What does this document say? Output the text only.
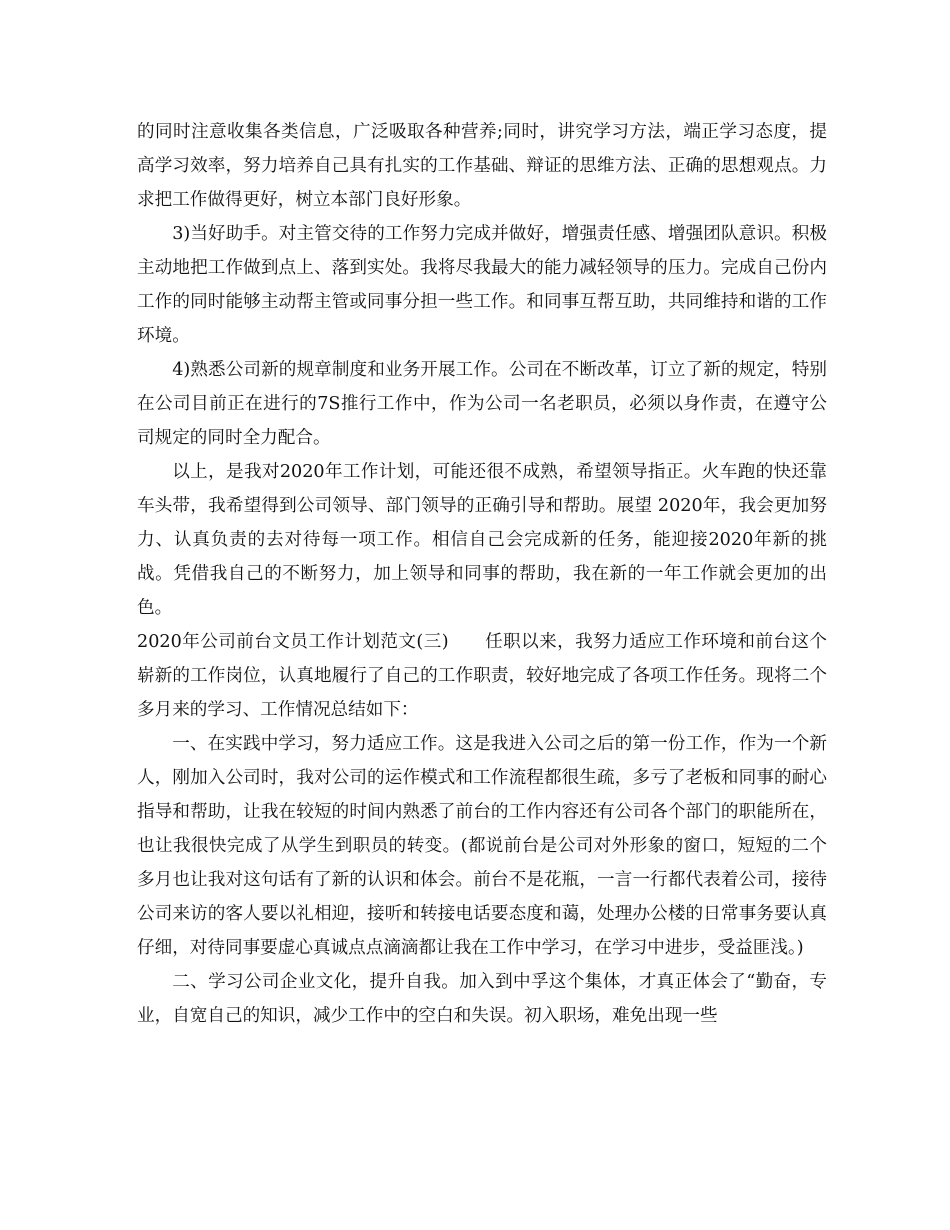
的同时注意收集各类信息，广泛吸取各种营养;同时，讲究学习方法，端正学习态度，提高学习效率，努力培养自己具有扎实的工作基础、辩证的思维方法、正确的思想观点。力求把工作做得更好，树立本部门良好形象。

3)当好助手。对主管交待的工作努力完成并做好，增强责任感、增强团队意识。积极主动地把工作做到点上、落到实处。我将尽我最大的能力减轻领导的压力。完成自己份内工作的同时能够主动帮主管或同事分担一些工作。和同事互帮互助，共同维持和谐的工作环境。

4)熟悉公司新的规章制度和业务开展工作。公司在不断改革，订立了新的规定，特别在公司目前正在进行的7S推行工作中，作为公司一名老职员，必须以身作责，在遵守公司规定的同时全力配合。

以上，是我对2020年工作计划，可能还很不成熟，希望领导指正。火车跑的快还靠车头带，我希望得到公司领导、部门领导的正确引导和帮助。展望 2020年，我会更加努力、认真负责的去对待每一项工作。相信自己会完成新的任务，能迎接2020年新的挑战。凭借我自己的不断努力，加上领导和同事的帮助，我在新的一年工作就会更加的出色。

2020年公司前台文员工作计划范文(三)　　任职以来，我努力适应工作环境和前台这个崭新的工作岗位，认真地履行了自己的工作职责，较好地完成了各项工作任务。现将二个多月来的学习、工作情况总结如下：

一、在实践中学习，努力适应工作。这是我进入公司之后的第一份工作，作为一个新人，刚加入公司时，我对公司的运作模式和工作流程都很生疏，多亏了老板和同事的耐心指导和帮助，让我在较短的时间内熟悉了前台的工作内容还有公司各个部门的职能所在，也让我很快完成了从学生到职员的转变。(都说前台是公司对外形象的窗口，短短的二个多月也让我对这句话有了新的认识和体会。前台不是花瓶，一言一行都代表着公司，接待公司来访的客人要以礼相迎，接听和转接电话要态度和蔼，处理办公楼的日常事务要认真仔细，对待同事要虚心真诚点点滴滴都让我在工作中学习，在学习中进步，受益匪浅。)

二、学习公司企业文化，提升自我。加入到中孚这个集体，才真正体会了“勤奋，专业，自宽自己的知识，减少工作中的空白和失误。初入职场，难免出现一些
